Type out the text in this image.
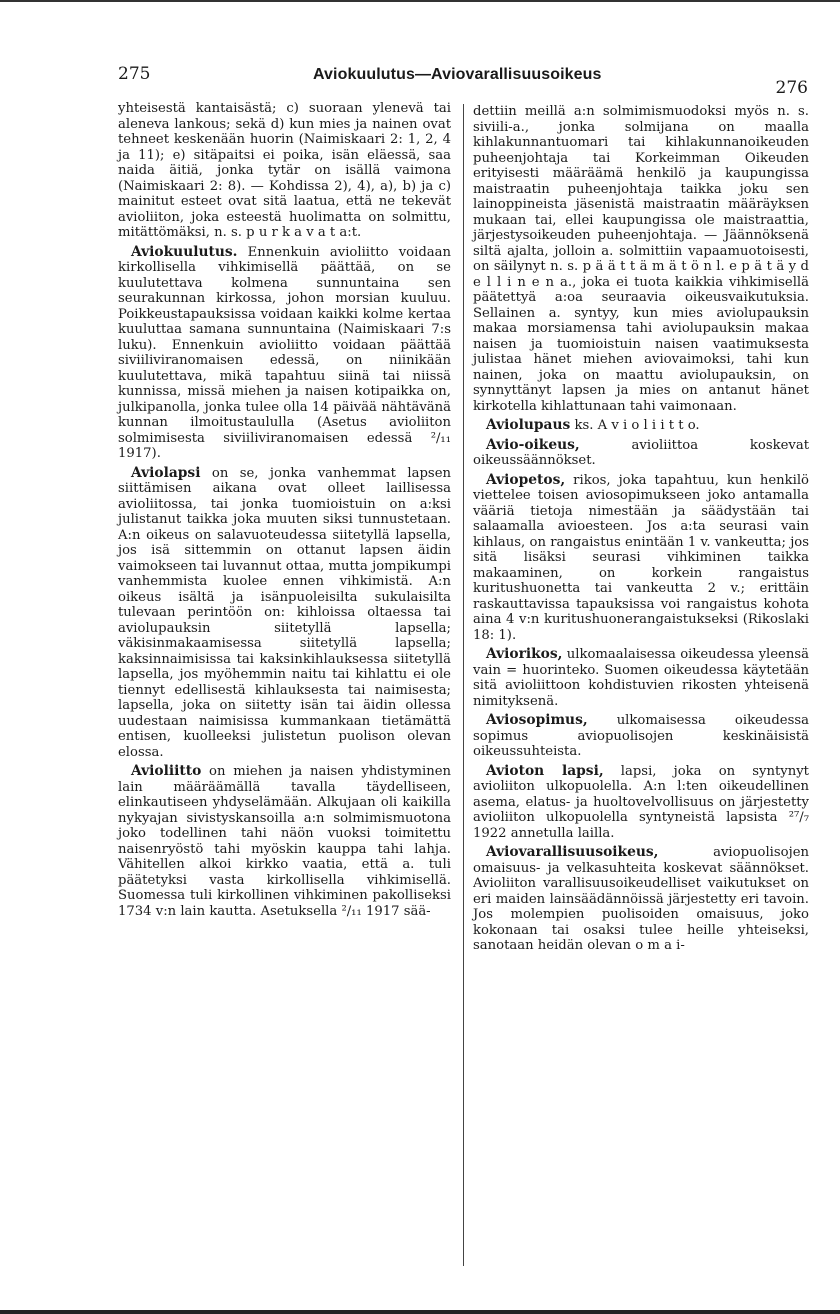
275	Aviokuulutus—Aviovarallisuusoikeus
276

yhteisestä kantaisästä; c) suoraan ylenevä tai aleneva lankous; sekä d) kun mies ja nainen ovat tehneet keskenään huorin (Naimiskaari 2: 1, 2, 4 ja 11); e) sitäpaitsi ei poika, isän eläessä, saa naida äitiä, jonka tytär on isällä vaimona (Naimiskaari 2: 8). — Kohdissa 2), 4), a), b) ja c) mainitut esteet ovat sitä laatua, että ne tekevät avioliiton, joka esteestä huolimatta on solmittu, mitättömäksi, n. s. p u r k a v a t a:t.

Aviokuulutus. Ennenkuin avioliitto voidaan kirkollisella vihkimisellä päättää, on se kuulutettava kolmena sunnuntaina sen seurakunnan kirkossa, johon morsian kuuluu. Poikkeustapauksissa voidaan kaikki kolme kertaa kuuluttaa samana sunnuntaina (Naimiskaari 7:s luku). Ennenkuin avioliitto voidaan päättää siviiliviranomaisen edessä, on niinikään kuulutettava, mikä tapahtuu siinä tai niissä kunnissa, missä miehen ja naisen kotipaikka on, julkipanolla, jonka tulee olla 14 päivää nähtävänä kunnan ilmoitustaululla (Asetus avioliiton solmimisesta siviiliviranomaisen edessä ²/₁₁ 1917).

Aviolapsi on se, jonka vanhemmat lapsen siittämisen aikana ovat olleet laillisessa avioliitossa, tai jonka tuomioistuin on a:ksi julistanut taikka joka muuten siksi tunnustetaan. A:n oikeus on salavuoteudessa siitetyllä lapsella, jos isä sittemmin on ottanut lapsen äidin vaimokseen tai luvannut ottaa, mutta jompikumpi vanhemmista kuolee ennen vihkimistä. A:n oikeus isältä ja isänpuoleisilta sukulaisilta tulevaan perintöön on: kihloissa oltaessa tai aviolupauksin siitetyllä lapsella; väkisinmakaamisessa siitetyllä lapsella; kaksinnaimisissa tai kaksinkihlauksessa siitetyllä lapsella, jos myöhemmin naitu tai kihlattu ei ole tiennyt edellisestä kihlauksesta tai naimisesta; lapsella, joka on siitetty isän tai äidin ollessa uudestaan naimisissa kummankaan tietämättä entisen, kuolleeksi julistetun puolison olevan elossa.

Avioliitto on miehen ja naisen yhdistyminen lain määräämällä tavalla täydelliseen, elinkautiseen yhdyselämään. Alkujaan oli kaikilla nykyajan sivistyskansoilla a:n solmimismuotona joko todellinen tahi näön vuoksi toimitettu naisenryöstö tahi myöskin kauppa tahi lahja. Vähitellen alkoi kirkko vaatia, että a. tuli päätetyksi vasta kirkollisella vihkimisellä. Suomessa tuli kirkollinen vihkiminen pakolliseksi 1734 v:n lain kautta. Asetuksella ²/₁₁ 1917 sää-

dettiin meillä a:n solmimismuodoksi myös n. s. siviili-a., jonka solmijana on maalla kihlakunnantuomari tai kihlakunnanoikeuden puheenjohtaja tai Korkeimman Oikeuden erityisesti määräämä henkilö ja kaupungissa maistraatin puheenjohtaja taikka joku sen lainoppineista jäsenistä maistraatin määräyksen mukaan tai, ellei kaupungissa ole maistraattia, järjestysoikeuden puheenjohtaja. — Jäännöksenä siltä ajalta, jolloin a. solmittiin vapaamuotoisesti, on säilynyt n. s. p ä ä t t ä m ä t ö n l. e p ä t ä y d e l l i n e n a., joka ei tuota kaikkia vihkimisellä päätettyä a:oa seuraavia oikeusvaikutuksia. Sellainen a. syntyy, kun mies aviolupauksin makaa morsiamensa tahi aviolupauksin makaa naisen ja tuomioistuin naisen vaatimuksesta julistaa hänet miehen aviovaimoksi, tahi kun nainen, joka on maattu aviolupauksin, on synnyttänyt lapsen ja mies on antanut hänet kirkotella kihlattunaan tahi vaimonaan.

Aviolupaus ks. A v i o l i i t t o.

Avio-oikeus, avioliittoa koskevat oikeussäännökset.

Aviopetos, rikos, joka tapahtuu, kun henkilö viettelee toisen aviosopimukseen joko antamalla vääriä tietoja nimestään ja säädystään tai salaamalla avioesteen. Jos a:ta seurasi vain kihlaus, on rangaistus enintään 1 v. vankeutta; jos sitä lisäksi seurasi vihkiminen taikka makaaminen, on korkein rangaistus kuritushuonetta tai vankeutta 2 v.; erittäin raskauttavissa tapauksissa voi rangaistus kohota aina 4 v:n kuritushuonerangaistukseksi (Rikoslaki 18: 1).

Aviorikos, ulkomaalaisessa oikeudessa yleensä vain = huorinteko. Suomen oikeudessa käytetään sitä avioliittoon kohdistuvien rikosten yhteisenä nimityksenä.

Aviosopimus, ulkomaisessa oikeudessa sopimus aviopuolisojen keskinäisistä oikeussuhteista.

Avioton lapsi, lapsi, joka on syntynyt avioliiton ulkopuolella. A:n l:ten oikeudellinen asema, elatus- ja huoltovelvollisuus on järjestetty avioliiton ulkopuolella syntyneistä lapsista ²⁷/₇ 1922 annetulla laillа.

Aviovarallisuusoikeus, aviopuolisojen omaisuus- ja velkasuhteita koskevat säännökset. Avioliiton varallisuusoikeudelliset vaikutukset on eri maiden lainsäädännöissä järjestetty eri tavoin. Jos molempien puolisoiden omaisuus, joko kokonaan tai osaksi tulee heille yhteiseksi, sanotaan heidän olevan o m a i-
